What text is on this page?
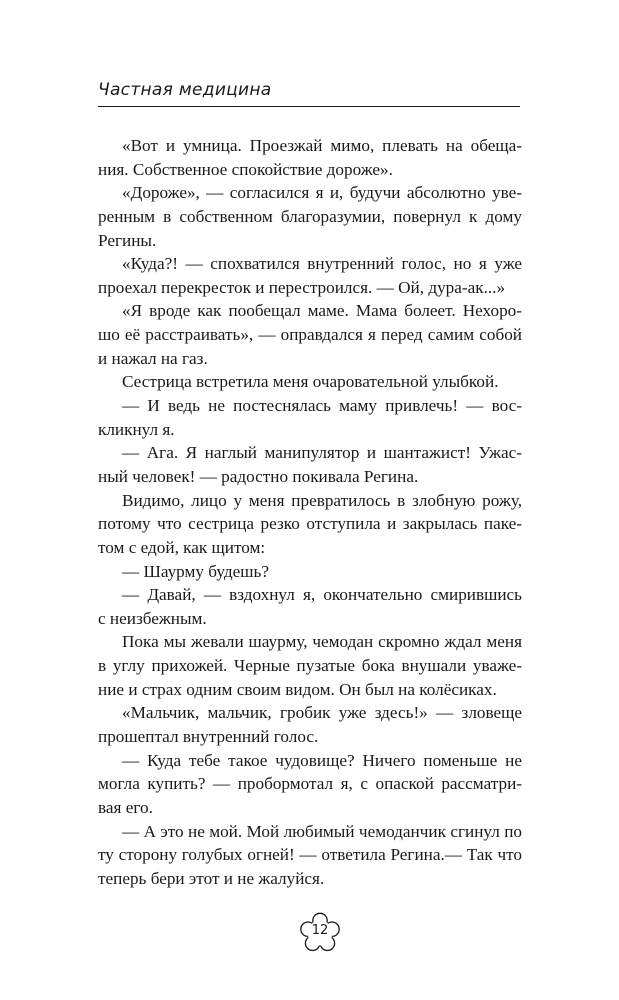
Частная медицина
«Вот и умница. Проезжай мимо, плевать на обеща-
ния. Собственное спокойствие дороже».
«Дороже», — согласился я и, будучи абсолютно уве-
ренным в собственном благоразумии, повернул к дому
Регины.
«Куда?! — спохватился внутренний голос, но я уже
проехал перекресток и перестроился. — Ой, дура-ак...»
«Я вроде как пообещал маме. Мама болеет. Нехоро-
шо её расстраивать», — оправдался я перед самим собой
и нажал на газ.
Сестрица встретила меня очаровательной улыбкой.
— И ведь не постеснялась маму привлечь! — вос-
кликнул я.
— Ага. Я наглый манипулятор и шантажист! Ужас-
ный человек! — радостно покивала Регина.
Видимо, лицо у меня превратилось в злобную рожу,
потому что сестрица резко отступила и закрылась паке-
том с едой, как щитом:
— Шаурму будешь?
— Давай, — вздохнул я, окончательно смирившись
с неизбежным.
Пока мы жевали шаурму, чемодан скромно ждал меня
в углу прихожей. Черные пузатые бока внушали уваже-
ние и страх одним своим видом. Он был на колёсиках.
«Мальчик, мальчик, гробик уже здесь!» — зловеще
прошептал внутренний голос.
— Куда тебе такое чудовище? Ничего поменьше не
могла купить? — пробормотал я, с опаской рассматри-
вая его.
— А это не мой. Мой любимый чемоданчик сгинул по
ту сторону голубых огней! — ответила Регина.— Так что
теперь бери этот и не жалуйся.
12
